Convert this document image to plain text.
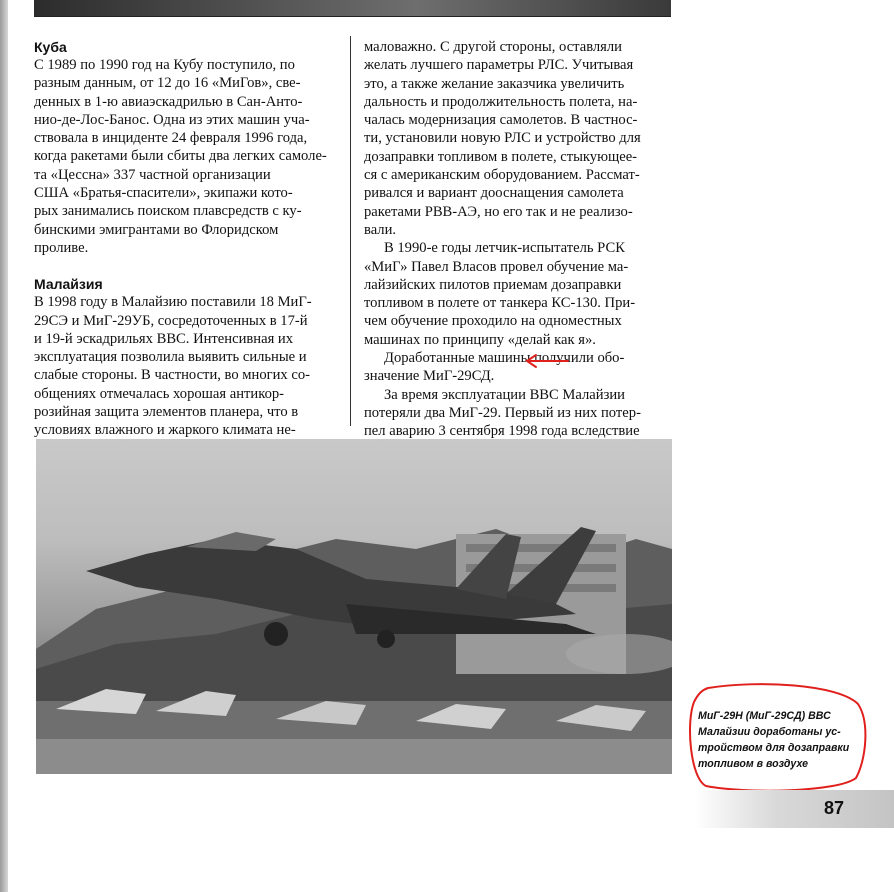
Куба

С 1989 по 1990 год на Кубу поступило, по
разным данным, от 12 до 16 «МиГов», све-
денных в 1-ю авиаэскадрилью в Сан-Анто-
нио-де-Лос-Банос. Одна из этих машин уча-
ствовала в инциденте 24 февраля 1996 года,
когда ракетами были сбиты два легких самоле-
та «Цессна» 337 частной организации
США «Братья-спасители», экипажи кото-
рых занимались поиском плавсредств с ку-
бинскими эмигрантами во Флоридском
проливе.

Малайзия

В 1998 году в Малайзию поставили 18 МиГ-
29СЭ и МиГ-29УБ, сосредоточенных в 17-й
и 19-й эскадрильях ВВС. Интенсивная их
эксплуатация позволила выявить сильные и
слабые стороны. В частности, во многих со-
общениях отмечалась хорошая антикор-
розийная защита элементов планера, что в
условиях влажного и жаркого климата не-
маловажно. С другой стороны, оставляли
желать лучшего параметры РЛС. Учитывая
это, а также желание заказчика увеличить
дальность и продолжительность полета, на-
чалась модернизация самолетов. В частнос-
ти, установили новую РЛС и устройство для
дозаправки топливом в полете, стыкующее-
ся с американским оборудованием. Рассмат-
ривался и вариант дооснащения самолета
ракетами РВВ-АЭ, но его так и не реализо-
вали.
В 1990-е годы летчик-испытатель РСК
«МиГ» Павел Власов провел обучение ма-
лайзийских пилотов приемам дозаправки
топливом в полете от танкера КС-130. При-
чем обучение проходило на одноместных
машинах по принципу «делай как я».
Доработанные машины получили обо-
значение МиГ-29СД.
За время эксплуатации ВВС Малайзии
потеряли два МиГ-29. Первый из них потер-
пел аварию 3 сентября 1998 года вследствие
МиГ-29Н (МиГ-29СД) ВВС
Малайзии доработаны ус-
тройством для дозаправки
топливом в воздухе
87
